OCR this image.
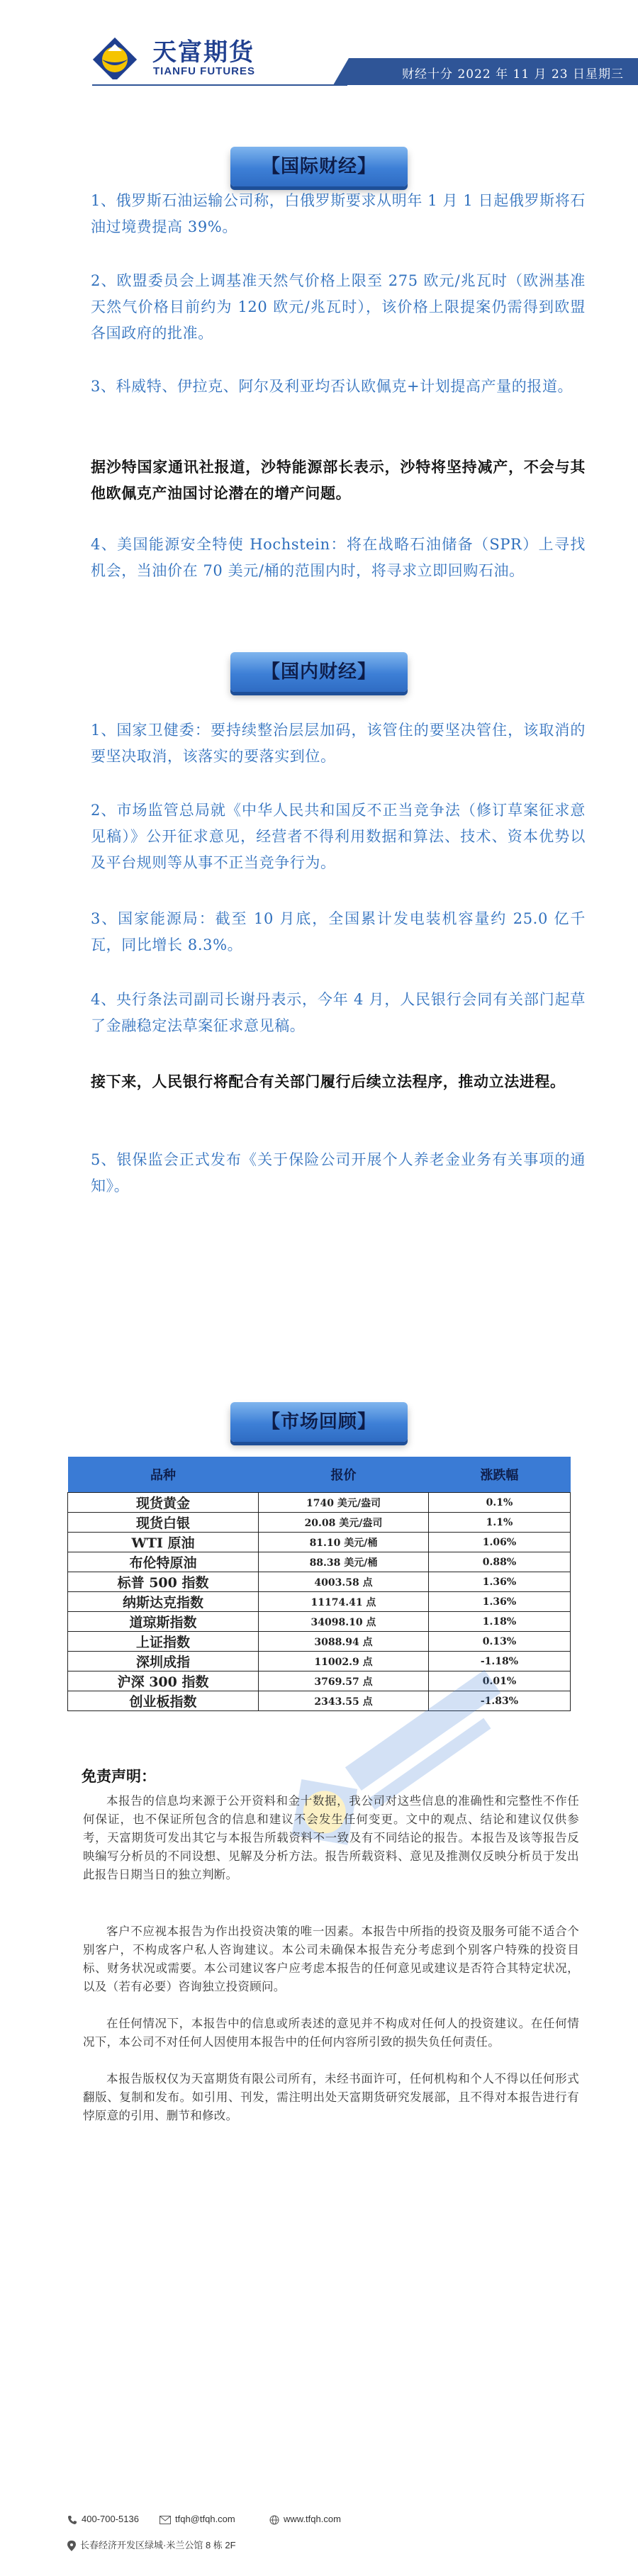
天富期货
TIANFU FUTURES	财经十分 2022 年 11 月 23 日星期三
【国际财经】

1、俄罗斯石油运输公司称，白俄罗斯要求从明年 1 月 1 日起俄罗斯将石油过境费提高 39%。

2、欧盟委员会上调基准天然气价格上限至 275 欧元/兆瓦时（欧洲基准天然气价格目前约为 120 欧元/兆瓦时），该价格上限提案仍需得到欧盟各国政府的批准。

3、科威特、伊拉克、阿尔及利亚均否认欧佩克+计划提高产量的报道。

据沙特国家通讯社报道，沙特能源部长表示，沙特将坚持减产，不会与其他欧佩克产油国讨论潜在的增产问题。

4、美国能源安全特使 Hochstein：将在战略石油储备（SPR）上寻找机会，当油价在 70 美元/桶的范围内时，将寻求立即回购石油。

【国内财经】

1、国家卫健委：要持续整治层层加码，该管住的要坚决管住，该取消的要坚决取消，该落实的要落实到位。

2、市场监管总局就《中华人民共和国反不正当竞争法（修订草案征求意见稿）》公开征求意见，经营者不得利用数据和算法、技术、资本优势以及平台规则等从事不正当竞争行为。

3、国家能源局：截至 10 月底，全国累计发电装机容量约 25.0 亿千瓦，同比增长 8.3%。

4、央行条法司副司长谢丹表示，今年 4 月，人民银行会同有关部门起草了金融稳定法草案征求意见稿。

接下来，人民银行将配合有关部门履行后续立法程序，推动立法进程。

5、银保监会正式发布《关于保险公司开展个人养老金业务有关事项的通知》。

【市场回顾】
品种	报价	涨跌幅
现货黄金	1740 美元/盎司	0.1%
现货白银	20.08 美元/盎司	1.1%
WTI 原油	81.10 美元/桶	1.06%
布伦特原油	88.38 美元/桶	0.88%
标普 500 指数	4003.58 点	1.36%
纳斯达克指数	11174.41 点	1.36%
道琼斯指数	34098.10 点	1.18%
上证指数	3088.94 点	0.13%
深圳成指	11002.9 点	-1.18%
沪深 300 指数	3769.57 点	0.01%
创业板指数	2343.55 点	-1.83%

免责声明：

本报告的信息均来源于公开资料和金十数据，我公司对这些信息的准确性和完整性不作任何保证，也不保证所包含的信息和建议不会发生任何变更。文中的观点、结论和建议仅供参考，天富期货可发出其它与本报告所载资料不一致及有不同结论的报告。本报告及该等报告反映编写分析员的不同设想、见解及分析方法。报告所载资料、意见及推测仅反映分析员于发出此报告日期当日的独立判断。

客户不应视本报告为作出投资决策的唯一因素。本报告中所指的投资及服务可能不适合个别客户，不构成客户私人咨询建议。本公司未确保本报告充分考虑到个别客户特殊的投资目标、财务状况或需要。本公司建议客户应考虑本报告的任何意见或建议是否符合其特定状况，以及（若有必要）咨询独立投资顾问。

在任何情况下，本报告中的信息或所表述的意见并不构成对任何人的投资建议。在任何情况下，本公司不对任何人因使用本报告中的任何内容所引致的损失负任何责任。

本报告版权仅为天富期货有限公司所有，未经书面许可，任何机构和个人不得以任何形式翻版、复制和发布。如引用、刊发，需注明出处天富期货研究发展部，且不得对本报告进行有悖原意的引用、删节和修改。

400-700-5136	tfqh@tfqh.com	www.tfqh.com
长春经济开发区绿城·米兰公馆 8 栋 2F
